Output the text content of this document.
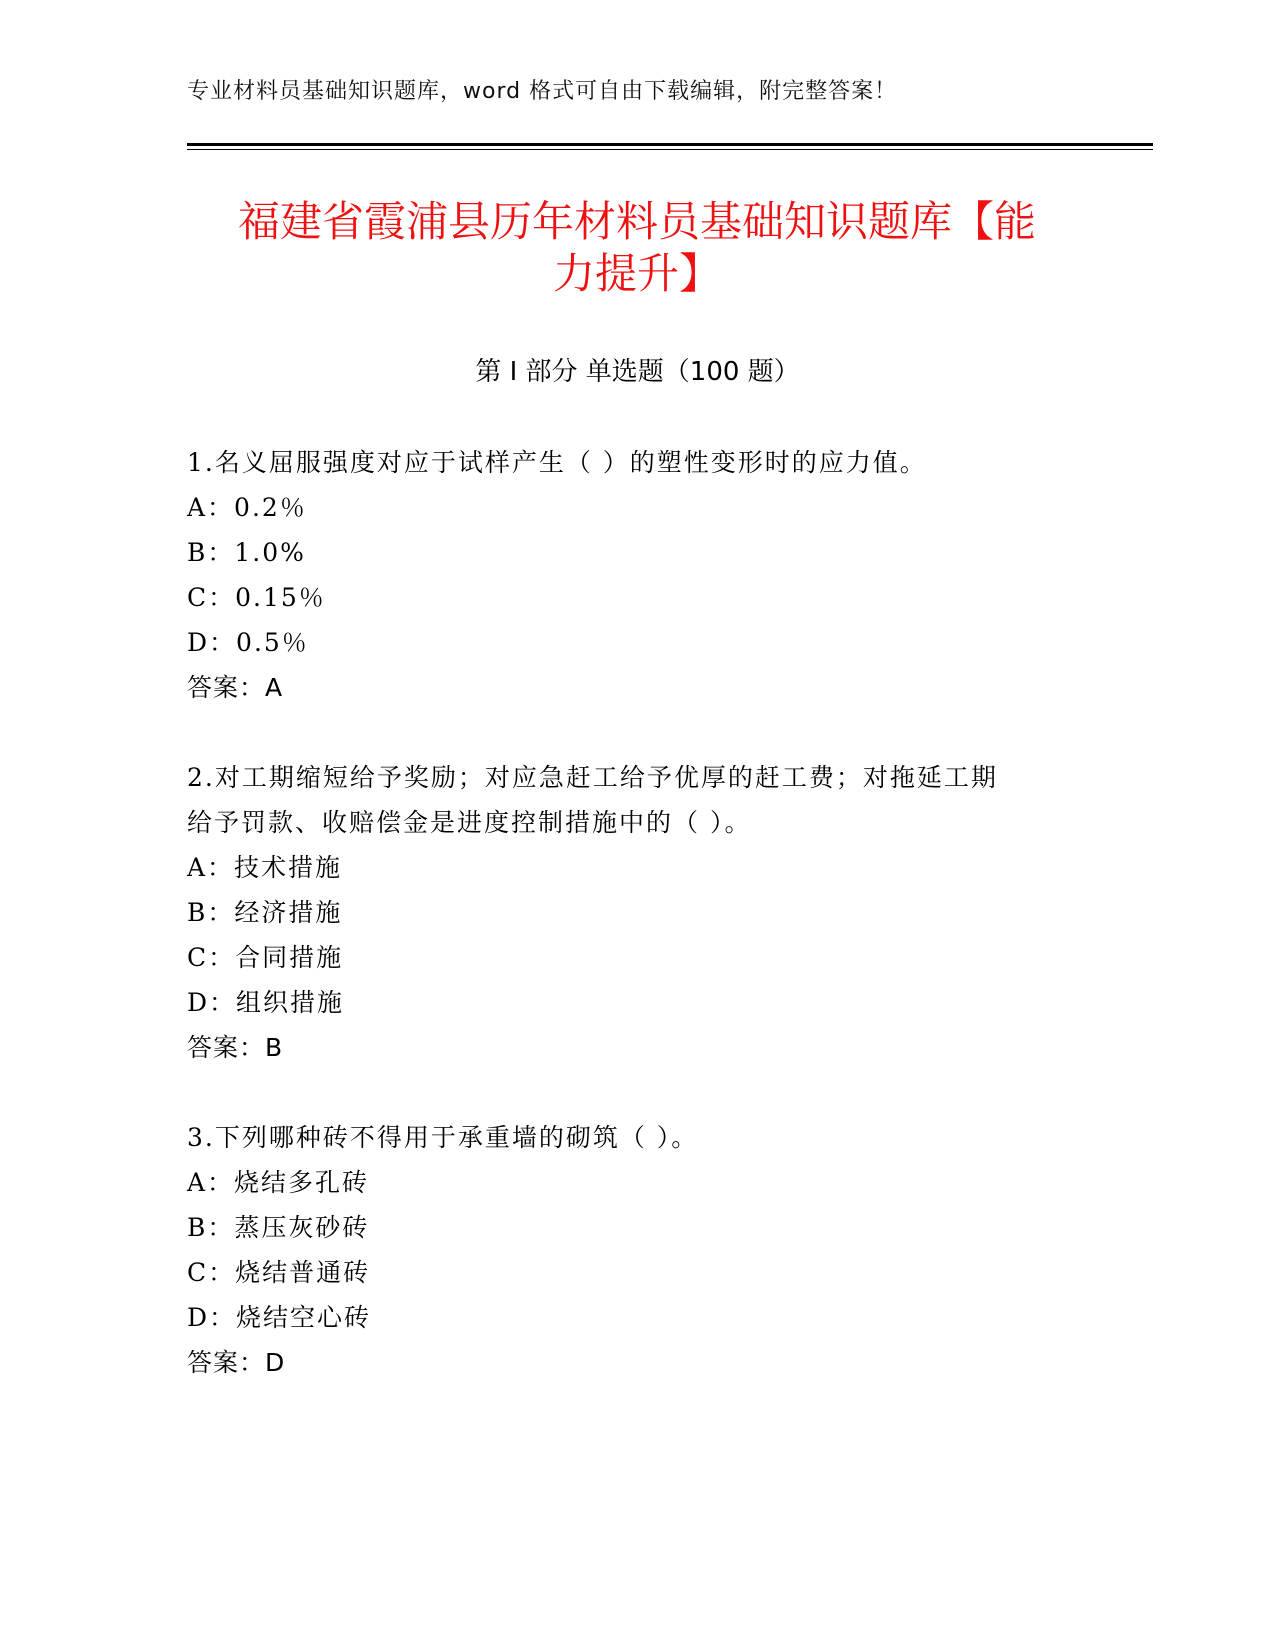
专业材料员基础知识题库，word 格式可自由下载编辑，附完整答案！
福建省霞浦县历年材料员基础知识题库【能
力提升】
第 I 部分 单选题（100 题）
1.名义屈服强度对应于试样产生（ ）的塑性变形时的应力值。
A：0.2％
B：1.0%
C：0.15％
D：0.5％
答案：A
2.对工期缩短给予奖励；对应急赶工给予优厚的赶工费；对拖延工期
给予罚款、收赔偿金是进度控制措施中的（ ）。
A：技术措施
B：经济措施
C：合同措施
D：组织措施
答案：B
3.下列哪种砖不得用于承重墙的砌筑（ ）。
A：烧结多孔砖
B：蒸压灰砂砖
C：烧结普通砖
D：烧结空心砖
答案：D
